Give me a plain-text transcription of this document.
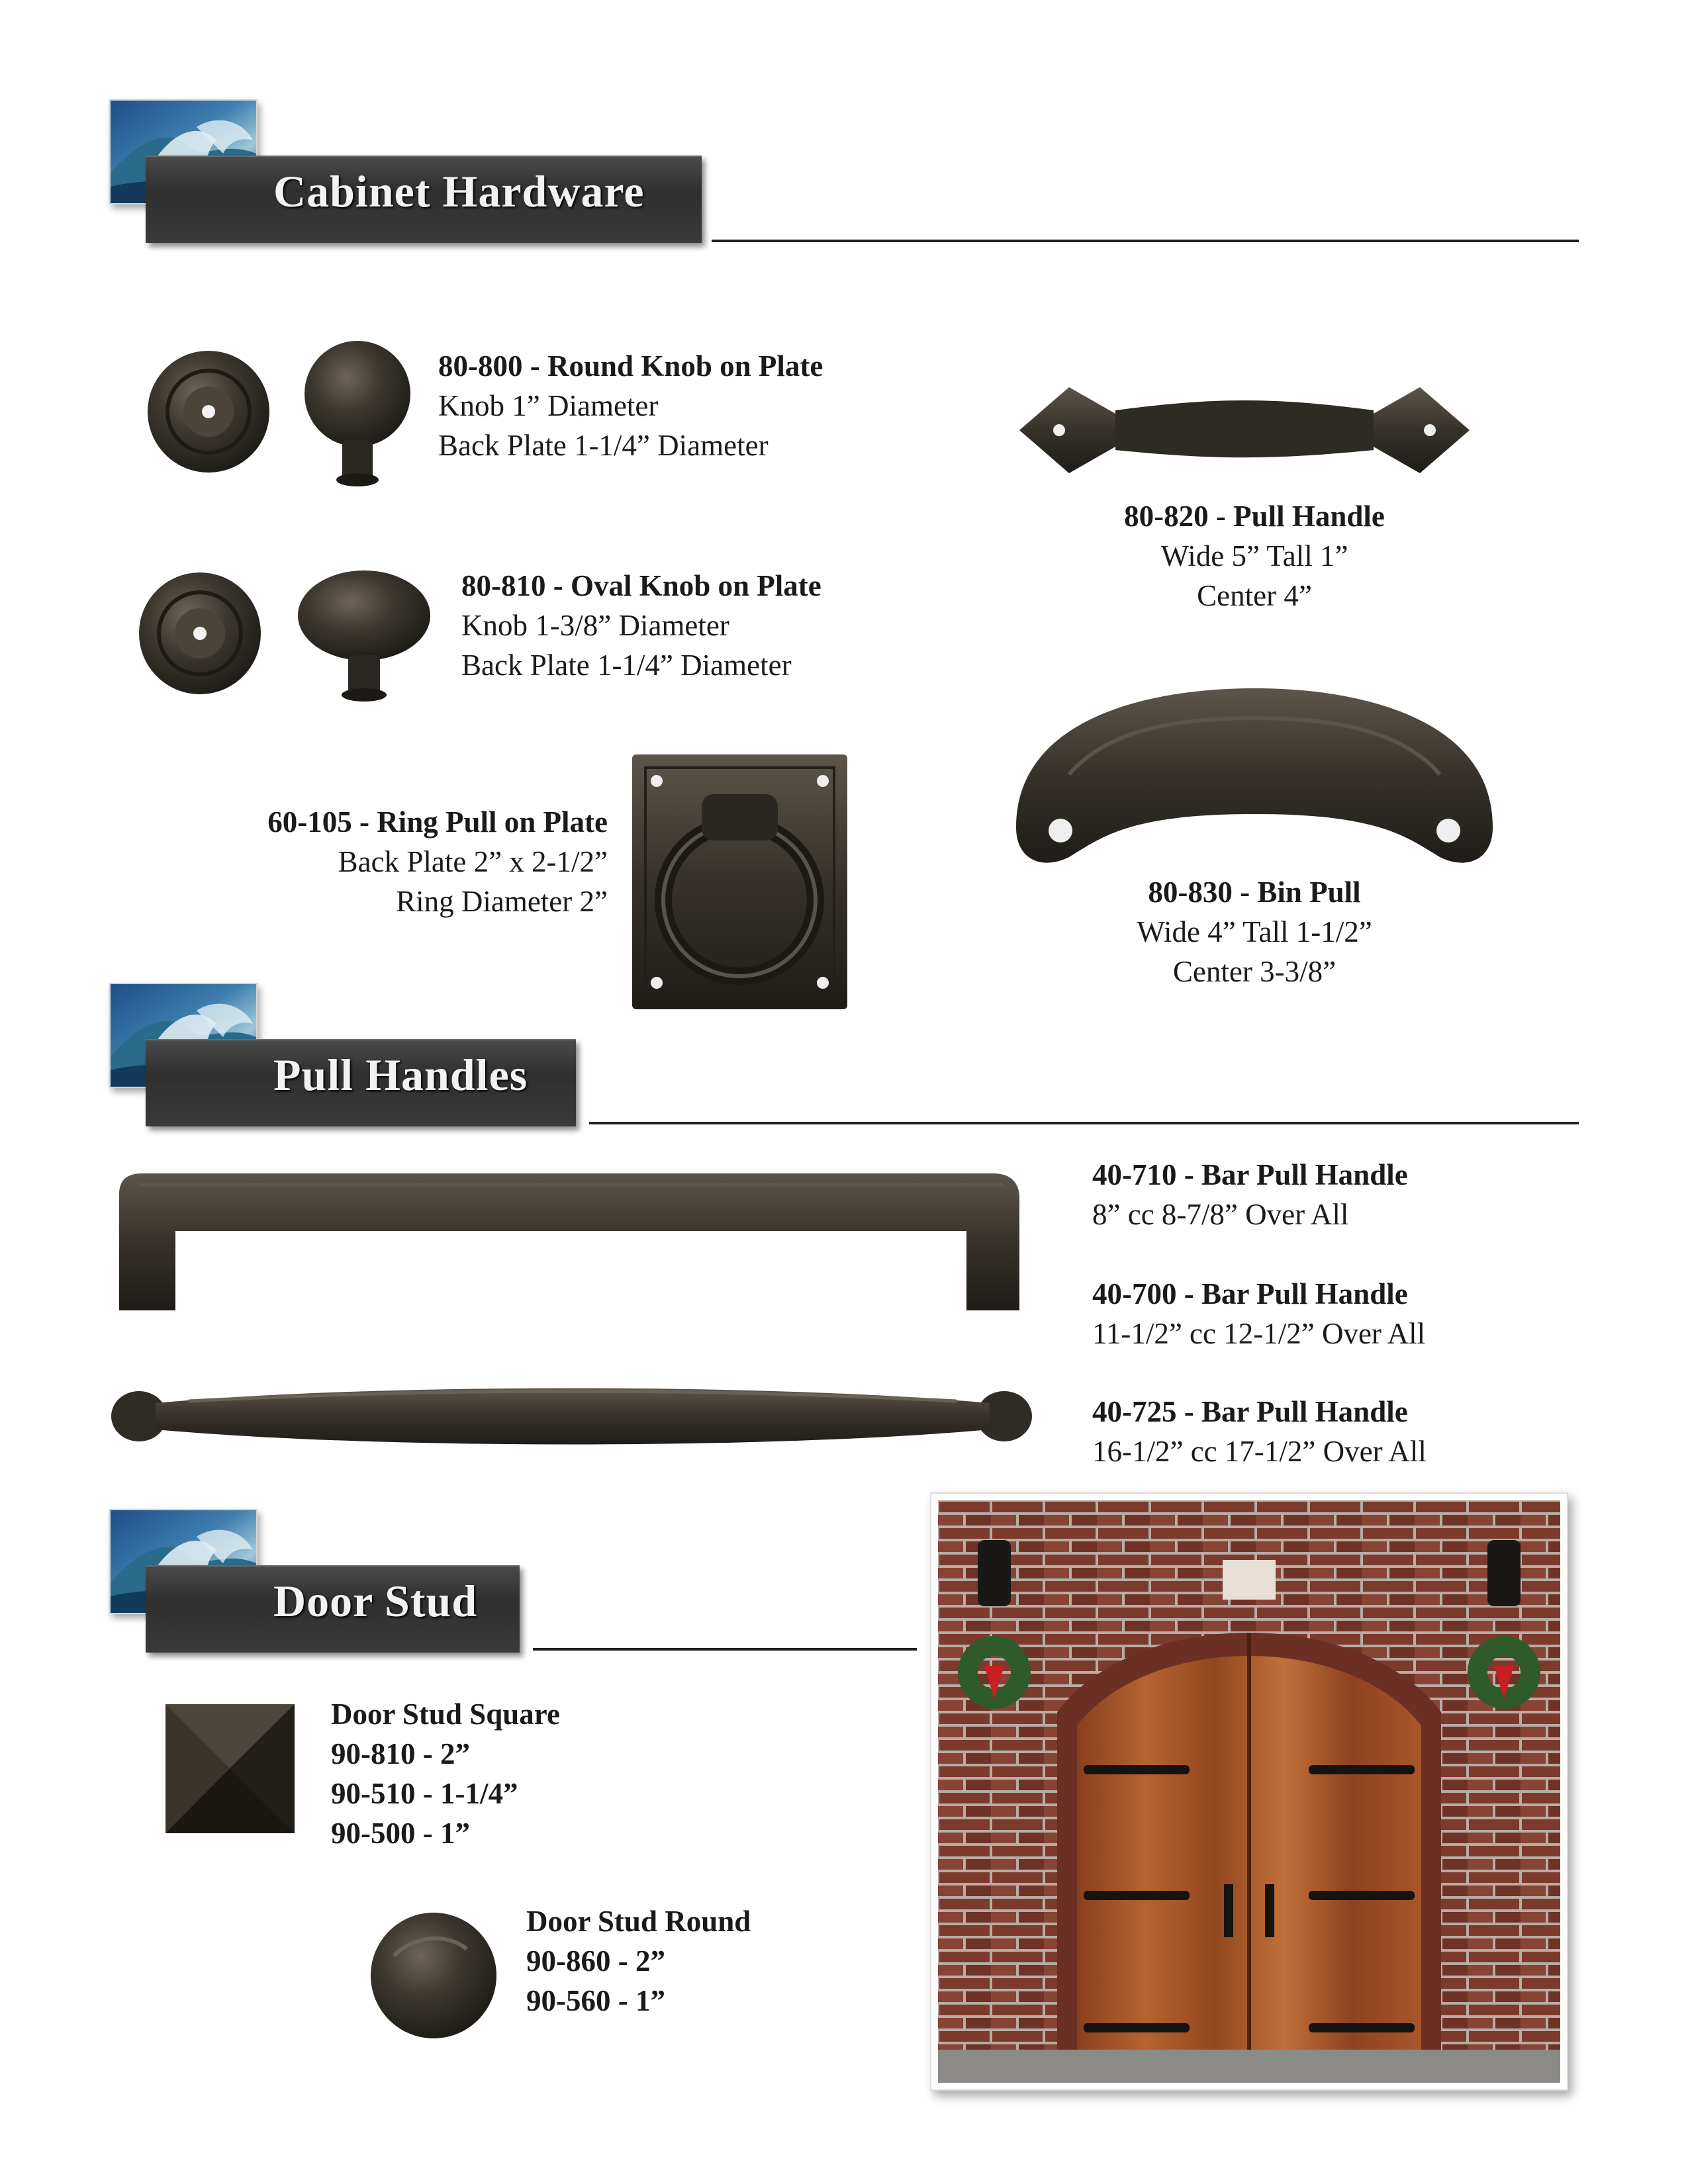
Cabinet Hardware
80-800 - Round Knob on Plate
Knob 1” Diameter
Back Plate 1-1/4” Diameter
80-810 - Oval Knob on Plate
Knob 1-3/8” Diameter
Back Plate 1-1/4” Diameter
80-820 - Pull Handle
Wide 5” Tall 1”
Center 4”
80-830 - Bin Pull
Wide 4” Tall 1-1/2”
Center 3-3/8”
60-105 - Ring Pull on Plate
Back Plate 2” x 2-1/2”
Ring Diameter 2”
Pull Handles
40-710 - Bar Pull Handle
8” cc 8-7/8” Over All
40-700 - Bar Pull Handle
11-1/2” cc 12-1/2” Over All
40-725 - Bar Pull Handle
16-1/2” cc 17-1/2” Over All
Door Stud
Door Stud Square
90-810 - 2”
90-510 - 1-1/4”
90-500 - 1”
Door Stud Round
90-860 - 2”
90-560 - 1”
